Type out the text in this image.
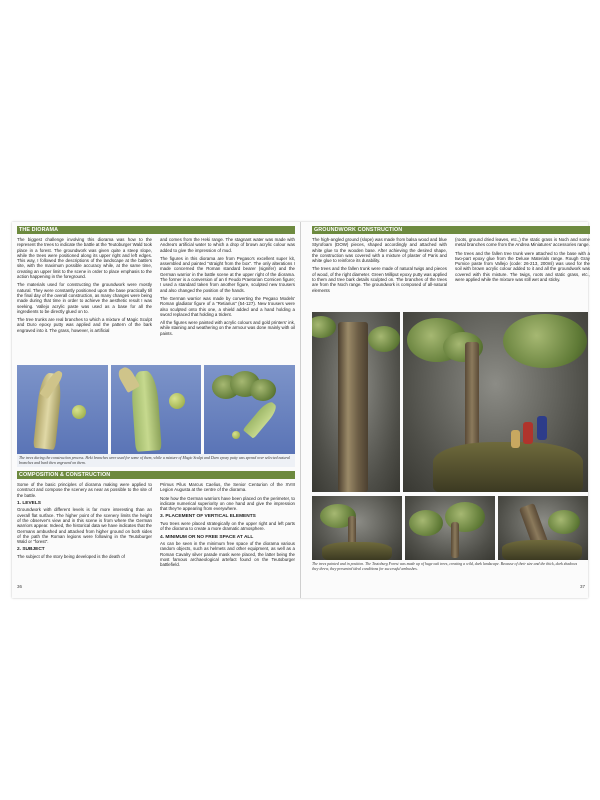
THE DIORAMA

The biggest challenge involving this diorama was how to the represent the trees to indicate the battle at the Teutoburger Wald took place in a forest. The groundwork was given quite a steep slope, while the trees were positioned along its upper right and left edges. This way, I followed the descriptions of the landscape at the battle's site, with the maximum possible accuracy while, at the same time, creating an upper limit to the scene in order to place emphasis to the action happening in the foreground.

The materials used for constructing the groundwork were mostly natural. They were constantly positioned upon the base practically till the final day of the overall construction, as many changes were being made during that time in order to achieve the aesthetic result I was seeking. Vallejo acrylic paste was used as a base for all the ingredients to be directly glued on to.

The tree trunks are real branches to which a mixture of Magic Sculpt and Duro epoxy putty was applied and the pattern of the bark engraved into it. The grass, however, is artificial

and comes from the Heki range. The stagnant water was made with Andrea's artificial water to which a drop of brown acrylic colour was added to give the impression of mud.

The figures in this diorama are from Pegaso's excellent super kit, assembled and painted "straight from the box". The only alterations I made concerned the Roman standard bearer (signifer) and the German warrior in the battle scene at the upper right of the diorama. The former is a conversion of an Il Feudo Praetorian Cornicen figure; I used a standard taken from another figure, sculpted new trousers and also changed the position of the hands.

The German warrior was made by converting the Pegaso Models' Roman gladiator figure of a "Retiarius" (54-127). New trousers were also sculpted onto this one, a shield added and a hand holding a sword replaced that holding a trident.

All the figures were painted with acrylic colours and gold printers' ink, while staining and weathering on the armour was done mainly with oil paints.

The trees during the construction process. Heki branches were used for some of them, while a mixture of Magic Sculpt and Duro epoxy putty was spread over selected natural branches and bark then engraved on them.
COMPOSITION & CONSTRUCTION

Some of the basic principles of diorama making were applied to construct and compose the scenery as near as possible to the site of the battle.

1. LEVELS

Groundwork with different levels is far more interesting than an overall flat surface. The higher point of the scenery limits the height of the observer's view and in this scene is from where the German warriors appear. Indeed, the historical data we have indicates that the Germans ambushed and attacked from higher ground on both sides of the path the Roman legions were following in the Teutoburger Wald or "forest".

2. SUBJECT

The subject of the story being developed is the death of

Primus Pilus Marcus Caelius, the Senior Centurion of the XVIII Legion Augusta at the centre of the diorama.

Note how the German warriors have been placed on the perimeter, to indicate numerical superiority on one hand and give the impression that they're appearing from everywhere.

3. PLACEMENT OF VERTICAL ELEMENTS

Two trees were placed strategically on the upper right and left parts of the diorama to create a more dramatic atmosphere.

4. MINIMUM OR NO FREE SPACE AT ALL

As can be seen in the minimum free space of the diorama various random objects, such as helmets and other equipment, as well as a Roman Cavalry silver parade mask were placed, the latter being the most famous archaeological artefact found on the Teutoburger battlefield.

36
GROUNDWORK CONSTRUCTION

The high-angled ground (slope) was made from balsa wood and blue Styrofoam (DOW) pieces, shaped accordingly and attached with white glue to the wooden base. After achieving the desired shape, the construction was covered with a mixture of plaster of Paris and white glue to reinforce its durability.

The trees and the fallen trunk were made of natural twigs and pieces of wood, of the right diameter. Green Milliput epoxy putty was applied to them and tree bark details sculpted on. The branches of the trees are from the Noch range. The groundwork is composed of all-natural elements

(roots, ground dried leaves, etc.,) the static grass is Noch and some metal branches come from the Andrea Miniatures' accessories range.

The trees and the fallen tree trunk were attached to the base with a two-part epoxy glue from the Deluxe Materials range. Rough Gray Pumice paste from Vallejo (code: 26-213, 200ml) was used for the soil with brown acrylic colour added to it and all the groundwork was covered with this mixture. The twigs, roots and static grass, etc., were applied while the mixture was still wet and sticky.

The trees painted and in position. The Teutoburg Forest was made up of huge oak trees, creating a wild, dark landscape. Because of their size and the thick, dark shadows they threw, they presented ideal conditions for successful ambushes.
37
